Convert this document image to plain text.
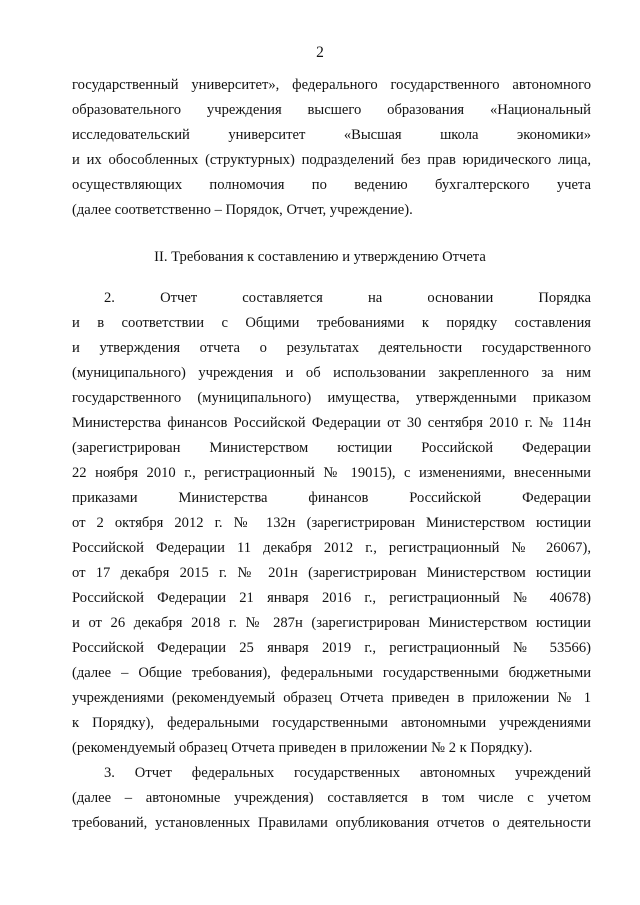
2
государственный университет», федерального государственного автономного
образовательного учреждения высшего образования «Национальный
исследовательский университет «Высшая школа экономики»
и их обособленных (структурных) подразделений без прав юридического лица,
осуществляющих полномочия по ведению бухгалтерского учета
(далее соответственно – Порядок, Отчет, учреждение).
II. Требования к составлению и утверждению Отчета
2. Отчет составляется на основании Порядка
и в соответствии с Общими требованиями к порядку составления
и утверждения отчета о результатах деятельности государственного
(муниципального) учреждения и об использовании закрепленного за ним
государственного (муниципального) имущества, утвержденными приказом
Министерства финансов Российской Федерации от 30 сентября 2010 г. № 114н
(зарегистрирован Министерством юстиции Российской Федерации
22 ноября 2010 г., регистрационный № 19015), с изменениями, внесенными
приказами Министерства финансов Российской Федерации
от 2 октября 2012 г. № 132н (зарегистрирован Министерством юстиции
Российской Федерации 11 декабря 2012 г., регистрационный № 26067),
от 17 декабря 2015 г. № 201н (зарегистрирован Министерством юстиции
Российской Федерации 21 января 2016 г., регистрационный № 40678)
и от 26 декабря 2018 г. № 287н (зарегистрирован Министерством юстиции
Российской Федерации 25 января 2019 г., регистрационный № 53566)
(далее – Общие требования), федеральными государственными бюджетными
учреждениями (рекомендуемый образец Отчета приведен в приложении № 1
к Порядку), федеральными государственными автономными учреждениями
(рекомендуемый образец Отчета приведен в приложении № 2 к Порядку).
3. Отчет федеральных государственных автономных учреждений
(далее – автономные учреждения) составляется в том числе с учетом
требований, установленных Правилами опубликования отчетов о деятельности
